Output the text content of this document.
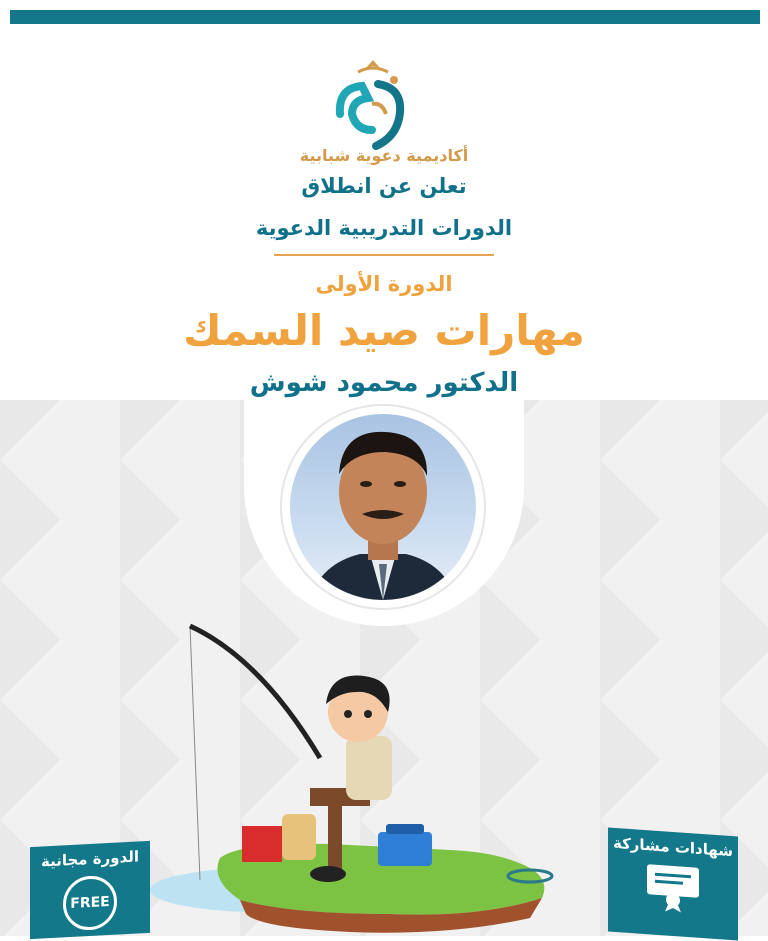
أكاديمية دعوية شبابية
تعلن عن انطلاق
الدورات التدريبية الدعوية
الدورة الأولى
مهارات صيد السمك
الدكتور محمود شوش
الدورة مجانية
FREE
شهادات مشاركة
